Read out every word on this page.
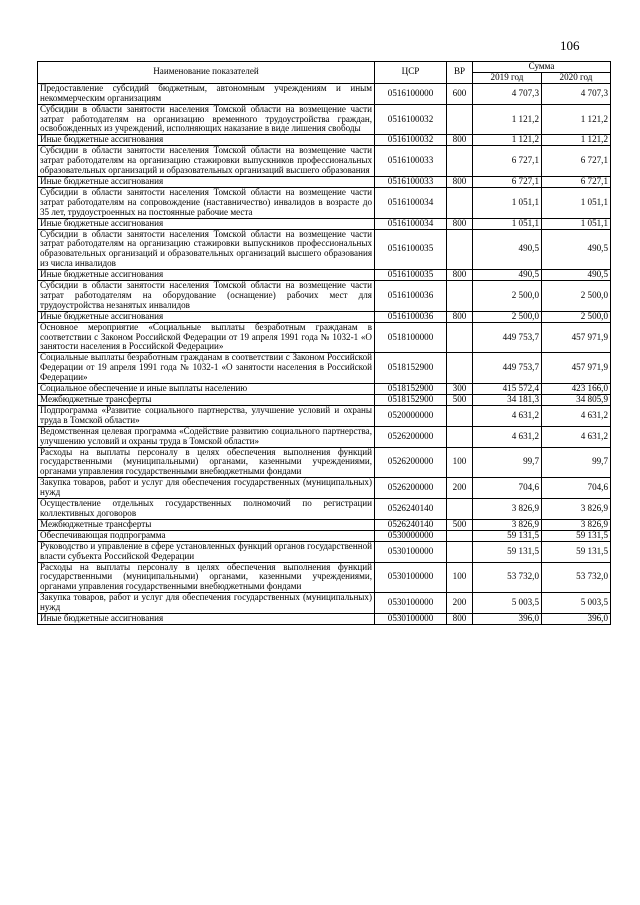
106
Наименование показателей	ЦСР	ВР	Сумма	
			2019 год	2020 год
Предоставление субсидий бюджетным, автономным учреждениям и иным некоммерческим организациям	0516100000	600	4 707,3	4 707,3
Субсидии в области занятости населения Томской области на возмещение части затрат работодателям на организацию временного трудоустройства граждан, освобожденных из учреждений, исполняющих наказание в виде лишения свободы	0516100032		1 121,2	1 121,2
Иные бюджетные ассигнования	0516100032	800	1 121,2	1 121,2
Субсидии в области занятости населения Томской области на возмещение части затрат работодателям на организацию стажировки выпускников профессиональных образовательных организаций и образовательных организаций высшего образования	0516100033		6 727,1	6 727,1
Иные бюджетные ассигнования	0516100033	800	6 727,1	6 727,1
Субсидии в области занятости населения Томской области на возмещение части затрат работодателям на сопровождение (наставничество) инвалидов в возрасте до 35 лет, трудоустроенных на постоянные рабочие места	0516100034		1 051,1	1 051,1
Иные бюджетные ассигнования	0516100034	800	1 051,1	1 051,1
Субсидии в области занятости населения Томской области на возмещение части затрат работодателям на организацию стажировки выпускников профессиональных образовательных организаций и образовательных организаций высшего образования из числа инвалидов	0516100035		490,5	490,5
Иные бюджетные ассигнования	0516100035	800	490,5	490,5
Субсидии в области занятости населения Томской области на возмещение части затрат работодателям на оборудование (оснащение) рабочих мест для трудоустройства незанятых инвалидов	0516100036		2 500,0	2 500,0
Иные бюджетные ассигнования	0516100036	800	2 500,0	2 500,0
Основное мероприятие «Социальные выплаты безработным гражданам в соответствии с Законом Российской Федерации от 19 апреля 1991 года № 1032-1 «О занятости населения в Российской Федерации»	0518100000		449 753,7	457 971,9
Социальные выплаты безработным гражданам в соответствии с Законом Российской Федерации от 19 апреля 1991 года № 1032-1 «О занятости населения в Российской Федерации»	0518152900		449 753,7	457 971,9
Социальное обеспечение и иные выплаты населению	0518152900	300	415 572,4	423 166,0
Межбюджетные трансферты	0518152900	500	34 181,3	34 805,9
Подпрограмма «Развитие социального партнерства, улучшение условий и охраны труда в Томской области»	0520000000		4 631,2	4 631,2
Ведомственная целевая программа «Содействие развитию социального партнерства, улучшению условий и охраны труда в Томской области»	0526200000		4 631,2	4 631,2
Расходы на выплаты персоналу в целях обеспечения выполнения функций государственными (муниципальными) органами, казенными учреждениями, органами управления государственными внебюджетными фондами	0526200000	100	99,7	99,7
Закупка товаров, работ и услуг для обеспечения государственных (муниципальных) нужд	0526200000	200	704,6	704,6
Осуществление отдельных государственных полномочий по регистрации коллективных договоров	0526240140		3 826,9	3 826,9
Межбюджетные трансферты	0526240140	500	3 826,9	3 826,9
Обеспечивающая подпрограмма	0530000000		59 131,5	59 131,5
Руководство и управление в сфере установленных функций органов государственной власти субъекта Российской Федерации	0530100000		59 131,5	59 131,5
Расходы на выплаты персоналу в целях обеспечения выполнения функций государственными (муниципальными) органами, казенными учреждениями, органами управления государственными внебюджетными фондами	0530100000	100	53 732,0	53 732,0
Закупка товаров, работ и услуг для обеспечения государственных (муниципальных) нужд	0530100000	200	5 003,5	5 003,5
Иные бюджетные ассигнования	0530100000	800	396,0	396,0
